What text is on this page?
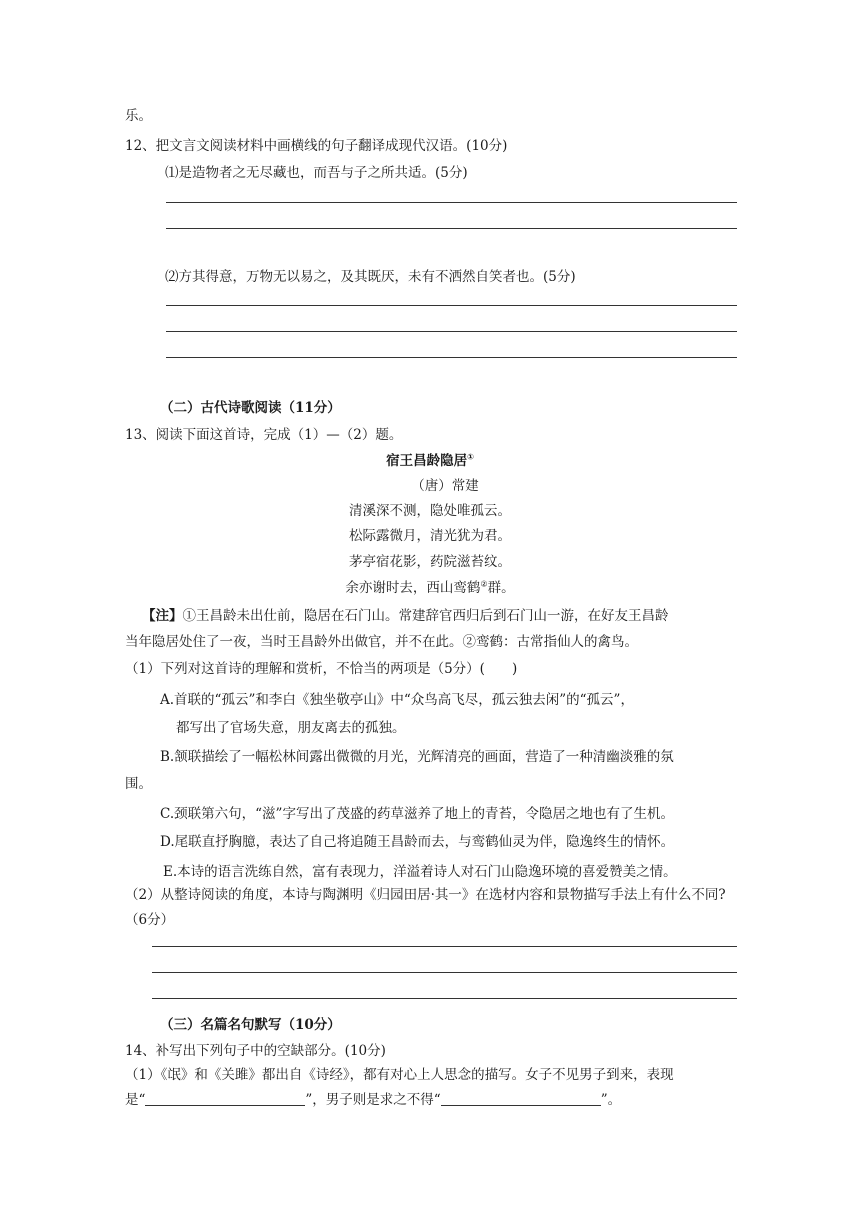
乐。
12、把文言文阅读材料中画横线的句子翻译成现代汉语。(10分)
⑴是造物者之无尽藏也，而吾与子之所共适。(5分)
⑵方其得意，万物无以易之，及其既厌，未有不洒然自笑者也。(5分)
（二）古代诗歌阅读（11分）
13、阅读下面这首诗，完成（1）—（2）题。
宿王昌龄隐居①
（唐）常建
清溪深不测，隐处唯孤云。
松际露微月，清光犹为君。
茅亭宿花影，药院滋苔纹。
余亦谢时去，西山鸾鹤②群。
【注】①王昌龄未出仕前，隐居在石门山。常建辞官西归后到石门山一游，在好友王昌龄
当年隐居处住了一夜，当时王昌龄外出做官，并不在此。②鸾鹤：古常指仙人的禽鸟。
（1）下列对这首诗的理解和赏析，不恰当的两项是（5分）(　　)
A.首联的“孤云”和李白《独坐敬亭山》中“众鸟高飞尽，孤云独去闲”的“孤云”，
都写出了官场失意，朋友离去的孤独。
B.颔联描绘了一幅松林间露出微微的月光，光辉清亮的画面，营造了一种清幽淡雅的氛
围。
C.颈联第六句，“滋”字写出了茂盛的药草滋养了地上的青苔，令隐居之地也有了生机。
D.尾联直抒胸臆，表达了自己将追随王昌龄而去，与鸾鹤仙灵为伴，隐逸终生的情怀。
E.本诗的语言洗练自然，富有表现力，洋溢着诗人对石门山隐逸环境的喜爱赞美之情。
（2）从整诗阅读的角度，本诗与陶渊明《归园田居·其一》在选材内容和景物描写手法上有什么不同?
（6分）
（三）名篇名句默写（10分）
14、补写出下列句子中的空缺部分。(10分)
（1）《氓》和《关雎》都出自《诗经》，都有对心上人思念的描写。女子不见男子到来，表现
是“	”，男子则是求之不得“	”。
